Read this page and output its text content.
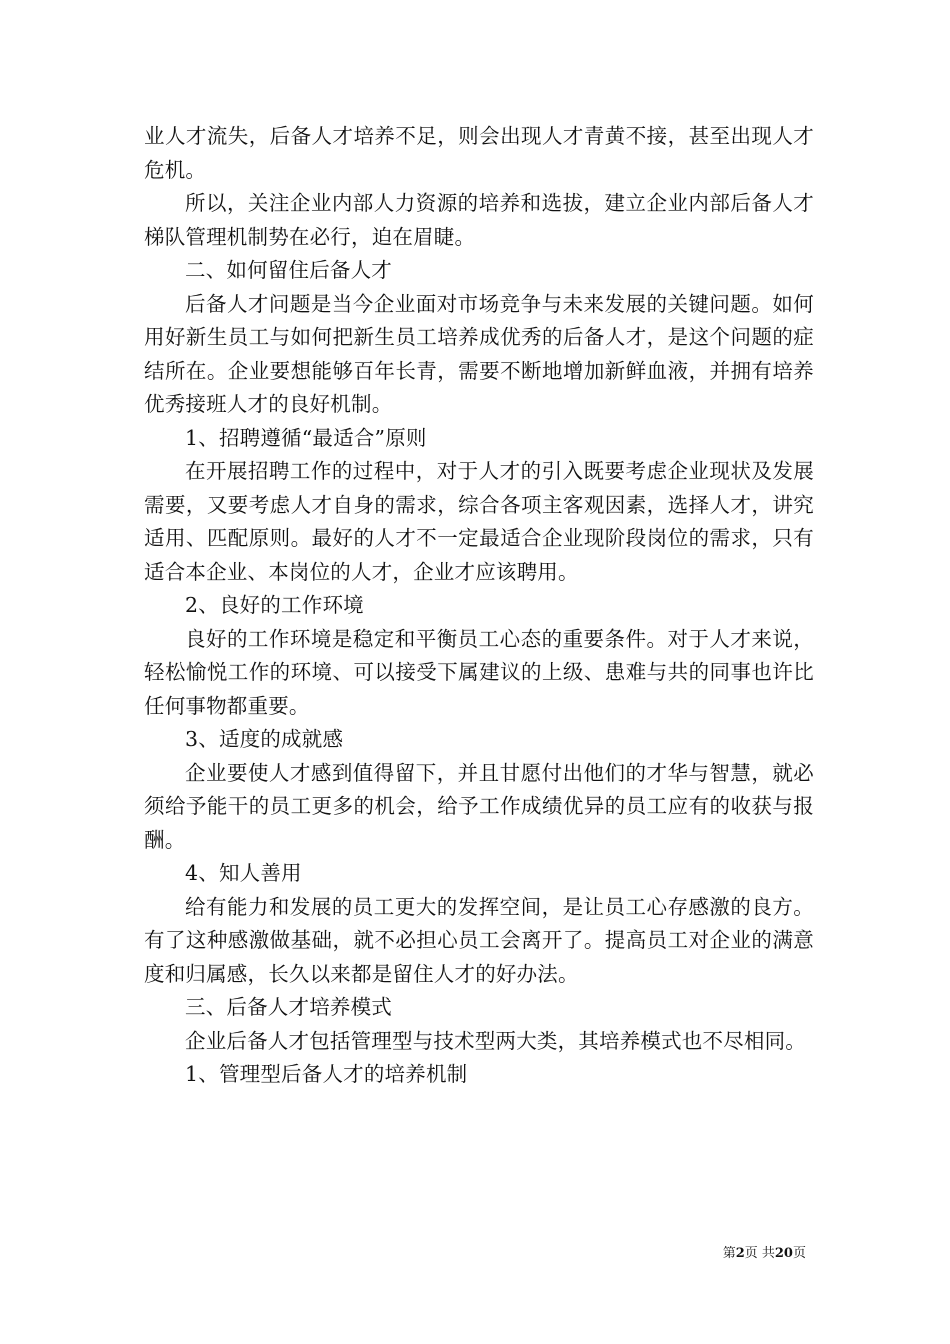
业人才流失，后备人才培养不足，则会出现人才青黄不接，甚至出现人才危机。

所以，关注企业内部人力资源的培养和选拔，建立企业内部后备人才梯队管理机制势在必行，迫在眉睫。

二、如何留住后备人才

后备人才问题是当今企业面对市场竞争与未来发展的关键问题。如何用好新生员工与如何把新生员工培养成优秀的后备人才，是这个问题的症结所在。企业要想能够百年长青，需要不断地增加新鲜血液，并拥有培养优秀接班人才的良好机制。

1、招聘遵循“最适合”原则

在开展招聘工作的过程中，对于人才的引入既要考虑企业现状及发展需要，又要考虑人才自身的需求，综合各项主客观因素，选择人才，讲究适用、匹配原则。最好的人才不一定最适合企业现阶段岗位的需求，只有适合本企业、本岗位的人才，企业才应该聘用。

2、良好的工作环境

良好的工作环境是稳定和平衡员工心态的重要条件。对于人才来说，轻松愉悦工作的环境、可以接受下属建议的上级、患难与共的同事也许比任何事物都重要。

3、适度的成就感

企业要使人才感到值得留下，并且甘愿付出他们的才华与智慧，就必须给予能干的员工更多的机会，给予工作成绩优异的员工应有的收获与报酬。

4、知人善用

给有能力和发展的员工更大的发挥空间，是让员工心存感激的良方。有了这种感激做基础，就不必担心员工会离开了。提高员工对企业的满意度和归属感，长久以来都是留住人才的好办法。

三、后备人才培养模式

企业后备人才包括管理型与技术型两大类，其培养模式也不尽相同。

1、管理型后备人才的培养机制

第2页 共20页
